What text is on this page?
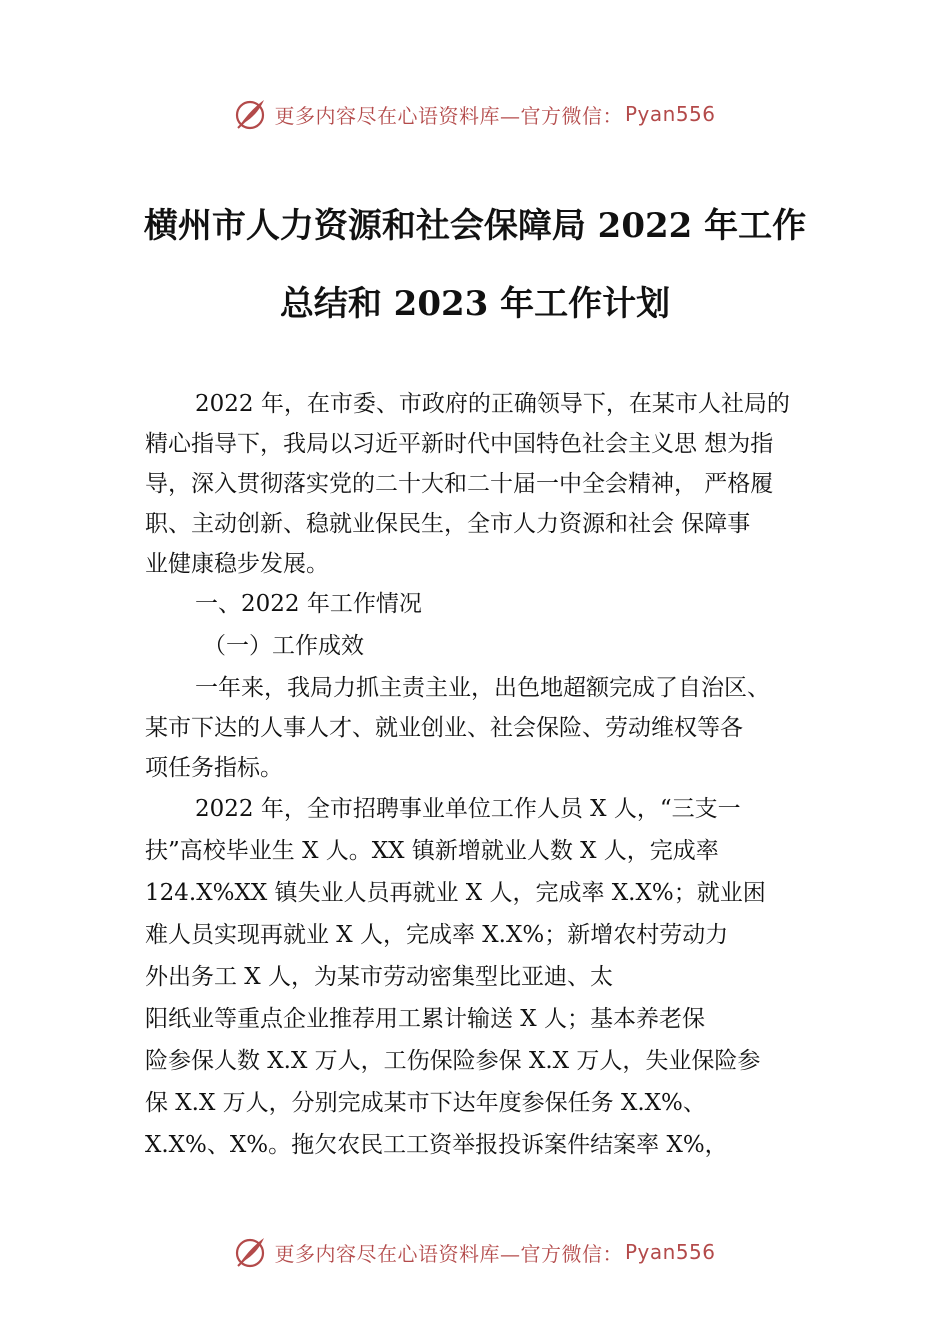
更多内容尽在心语资料库—官方微信： Pyan556
横州市人力资源和社会保障局 2022 年工作
总结和 2023 年工作计划
2022 年，在市委、市政府的正确领导下，在某市人社局的
精心指导下，我局以习近平新时代中国特色社会主义思 想为指
导，深入贯彻落实党的二十大和二十届一中全会精神， 严格履
职、主动创新、稳就业保民生，全市人力资源和社会 保障事
业健康稳步发展。
一、2022 年工作情况
（一）工作成效
一年来，我局力抓主责主业，出色地超额完成了自治区、
某市下达的人事人才、就业创业、社会保险、劳动维权等各
项任务指标。
2022 年，全市招聘事业单位工作人员 X 人，“三支一
扶”高校毕业生 X 人。XX 镇新增就业人数 X 人，完成率
124.X%XX 镇失业人员再就业 X 人，完成率 X.X%；就业困
难人员实现再就业 X 人，完成率 X.X%；新增农村劳动力
外出务工 X 人，为某市劳动密集型比亚迪、太
阳纸业等重点企业推荐用工累计输送 X 人；基本养老保
险参保人数 X.X 万人，工伤保险参保 X.X 万人，失业保险参
保 X.X 万人，分别完成某市下达年度参保任务 X.X%、
X.X%、X%。拖欠农民工工资举报投诉案件结案率 X%，
更多内容尽在心语资料库—官方微信： Pyan556
